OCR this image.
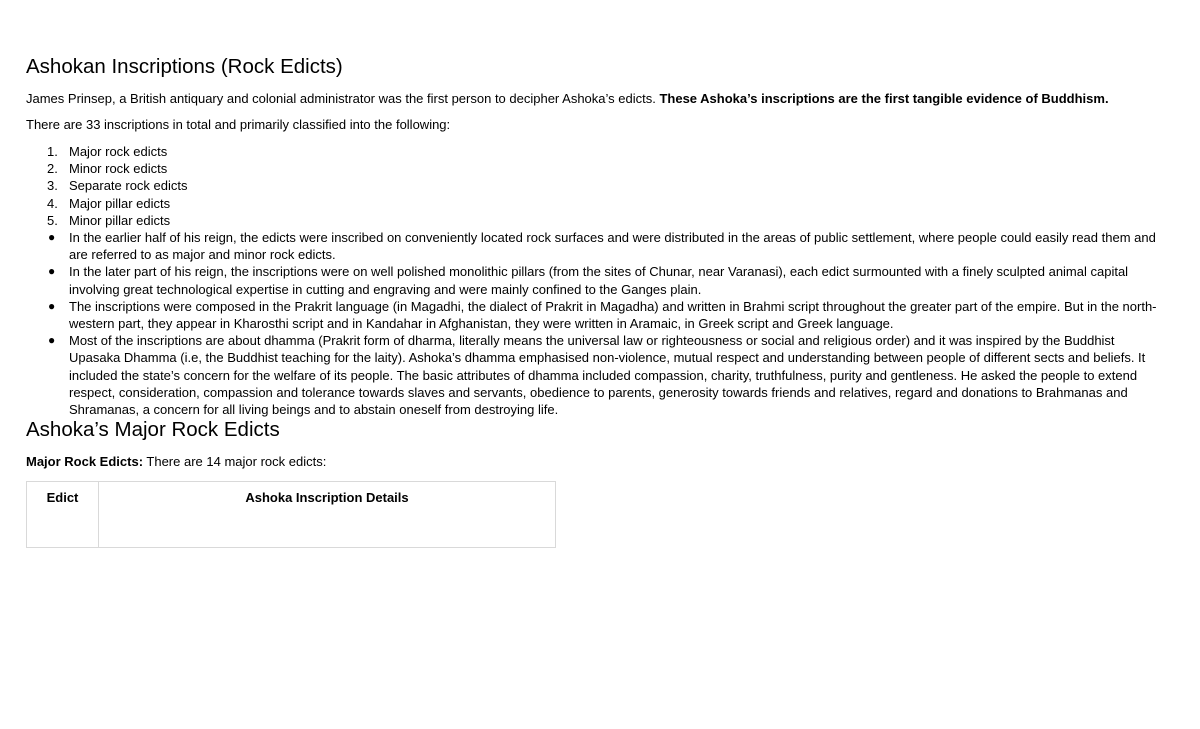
Ashokan Inscriptions (Rock Edicts)

James Prinsep, a British antiquary and colonial administrator was the first person to decipher Ashoka’s edicts. These Ashoka’s inscriptions are the first tangible evidence of Buddhism.

There are 33 inscriptions in total and primarily classified into the following:

1. Major rock edicts
2. Minor rock edicts
3. Separate rock edicts
4. Major pillar edicts
5. Minor pillar edicts
● In the earlier half of his reign, the edicts were inscribed on conveniently located rock surfaces and were distributed in the areas of public settlement, where people could easily read them and are referred to as major and minor rock edicts.
● In the later part of his reign, the inscriptions were on well polished monolithic pillars (from the sites of Chunar, near Varanasi), each edict surmounted with a finely sculpted animal capital involving great technological expertise in cutting and engraving and were mainly confined to the Ganges plain.
● The inscriptions were composed in the Prakrit language (in Magadhi, the dialect of Prakrit in Magadha) and written in Brahmi script throughout the greater part of the empire. But in the north-western part, they appear in Kharosthi script and in Kandahar in Afghanistan, they were written in Aramaic, in Greek script and Greek language.
● Most of the inscriptions are about dhamma (Prakrit form of dharma, literally means the universal law or righteousness or social and religious order) and it was inspired by the Buddhist Upasaka Dhamma (i.e, the Buddhist teaching for the laity). Ashoka’s dhamma emphasised non-violence, mutual respect and understanding between people of different sects and beliefs. It included the state’s concern for the welfare of its people. The basic attributes of dhamma included compassion, charity, truthfulness, purity and gentleness. He asked the people to extend respect, consideration, compassion and tolerance towards slaves and servants, obedience to parents, generosity towards friends and relatives, regard and donations to Brahmanas and Shramanas, a concern for all living beings and to abstain oneself from destroying life.
Ashoka’s Major Rock Edicts

Major Rock Edicts: There are 14 major rock edicts:

Edict	Ashoka Inscription Details
